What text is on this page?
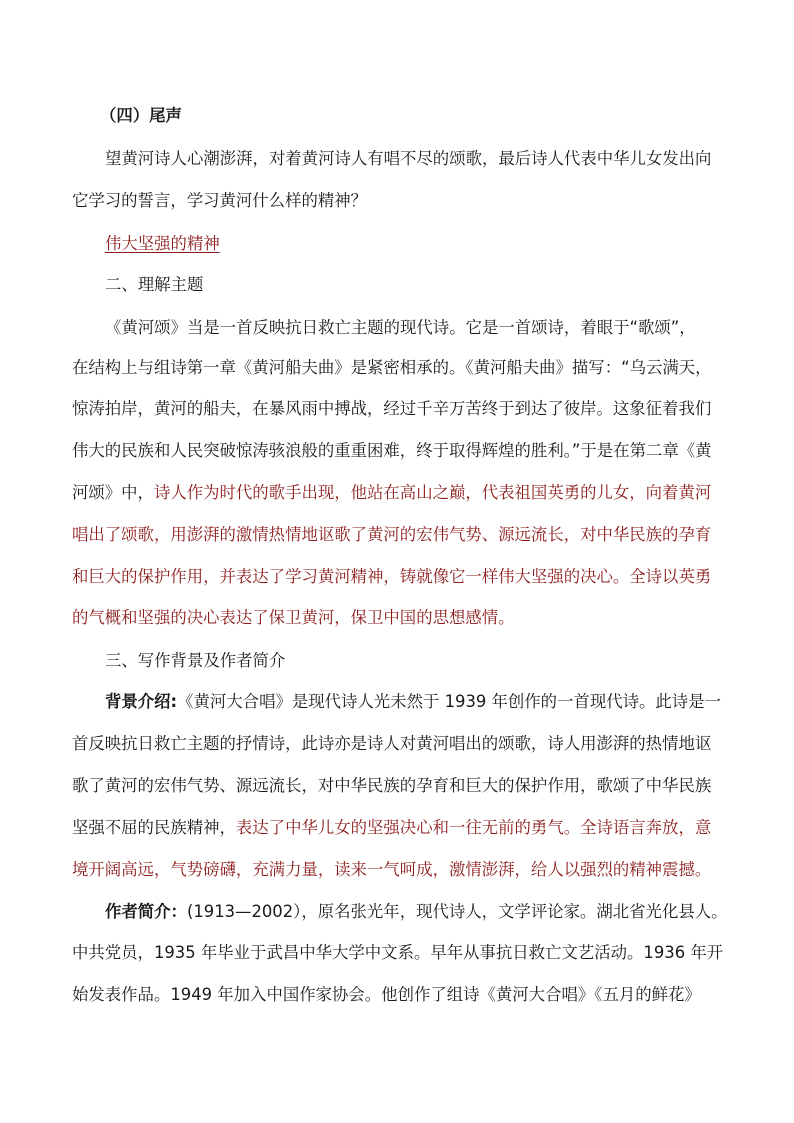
（四）尾声
望黄河诗人心潮澎湃，对着黄河诗人有唱不尽的颂歌，最后诗人代表中华儿女发出向
它学习的誓言，学习黄河什么样的精神？
伟大坚强的精神
二、理解主题
《黄河颂》当是一首反映抗日救亡主题的现代诗。它是一首颂诗，着眼于“歌颂”，
在结构上与组诗第一章《黄河船夫曲》是紧密相承的。《黄河船夫曲》描写：“乌云满天，
惊涛拍岸，黄河的船夫，在暴风雨中搏战，经过千辛万苦终于到达了彼岸。这象征着我们
伟大的民族和人民突破惊涛骇浪般的重重困难，终于取得辉煌的胜利。”于是在第二章《黄
河颂》中，诗人作为时代的歌手出现，他站在高山之巅，代表祖国英勇的儿女，向着黄河
唱出了颂歌，用澎湃的激情热情地讴歌了黄河的宏伟气势、源远流长，对中华民族的孕育
和巨大的保护作用，并表达了学习黄河精神，铸就像它一样伟大坚强的决心。全诗以英勇
的气概和坚强的决心表达了保卫黄河，保卫中国的思想感情。
三、写作背景及作者简介
背景介绍:《黄河大合唱》是现代诗人光未然于 1939 年创作的一首现代诗。此诗是一
首反映抗日救亡主题的抒情诗，此诗亦是诗人对黄河唱出的颂歌，诗人用澎湃的热情地讴
歌了黄河的宏伟气势、源远流长，对中华民族的孕育和巨大的保护作用，歌颂了中华民族
坚强不屈的民族精神，表达了中华儿女的坚强决心和一往无前的勇气。全诗语言奔放，意
境开阔高远，气势磅礴，充满力量，读来一气呵成，激情澎湃，给人以强烈的精神震撼。
作者简介：(1913—2002），原名张光年，现代诗人，文学评论家。湖北省光化县人。
中共党员，1935 年毕业于武昌中华大学中文系。早年从事抗日救亡文艺活动。1936 年开
始发表作品。1949 年加入中国作家协会。他创作了组诗《黄河大合唱》《五月的鲜花》
